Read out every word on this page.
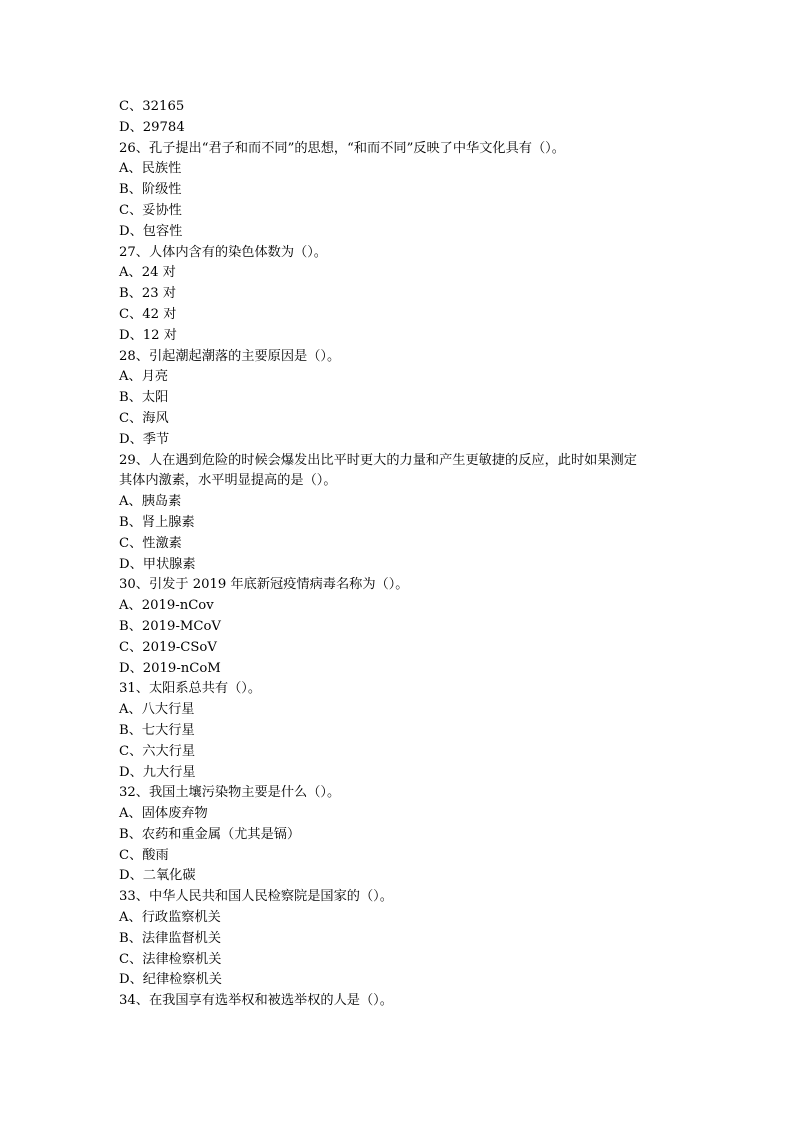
C、32165
D、29784
26、孔子提出“君子和而不同”的思想，“和而不同”反映了中华文化具有（）。
A、民族性
B、阶级性
C、妥协性
D、包容性
27、人体内含有的染色体数为（）。
A、24 对
B、23 对
C、42 对
D、12 对
28、引起潮起潮落的主要原因是（）。
A、月亮
B、太阳
C、海风
D、季节
29、人在遇到危险的时候会爆发出比平时更大的力量和产生更敏捷的反应，此时如果测定
其体内激素，水平明显提高的是（）。
A、胰岛素
B、肾上腺素
C、性激素
D、甲状腺素
30、引发于 2019 年底新冠疫情病毒名称为（）。
A、2019-nCov
B、2019-MCoV
C、2019-CSoV
D、2019-nCoM
31、太阳系总共有（）。
A、八大行星
B、七大行星
C、六大行星
D、九大行星
32、我国土壤污染物主要是什么（）。
A、固体废弃物
B、农药和重金属（尤其是镉）
C、酸雨
D、二氧化碳
33、中华人民共和国人民检察院是国家的（）。
A、行政监察机关
B、法律监督机关
C、法律检察机关
D、纪律检察机关
34、在我国享有选举权和被选举权的人是（）。
